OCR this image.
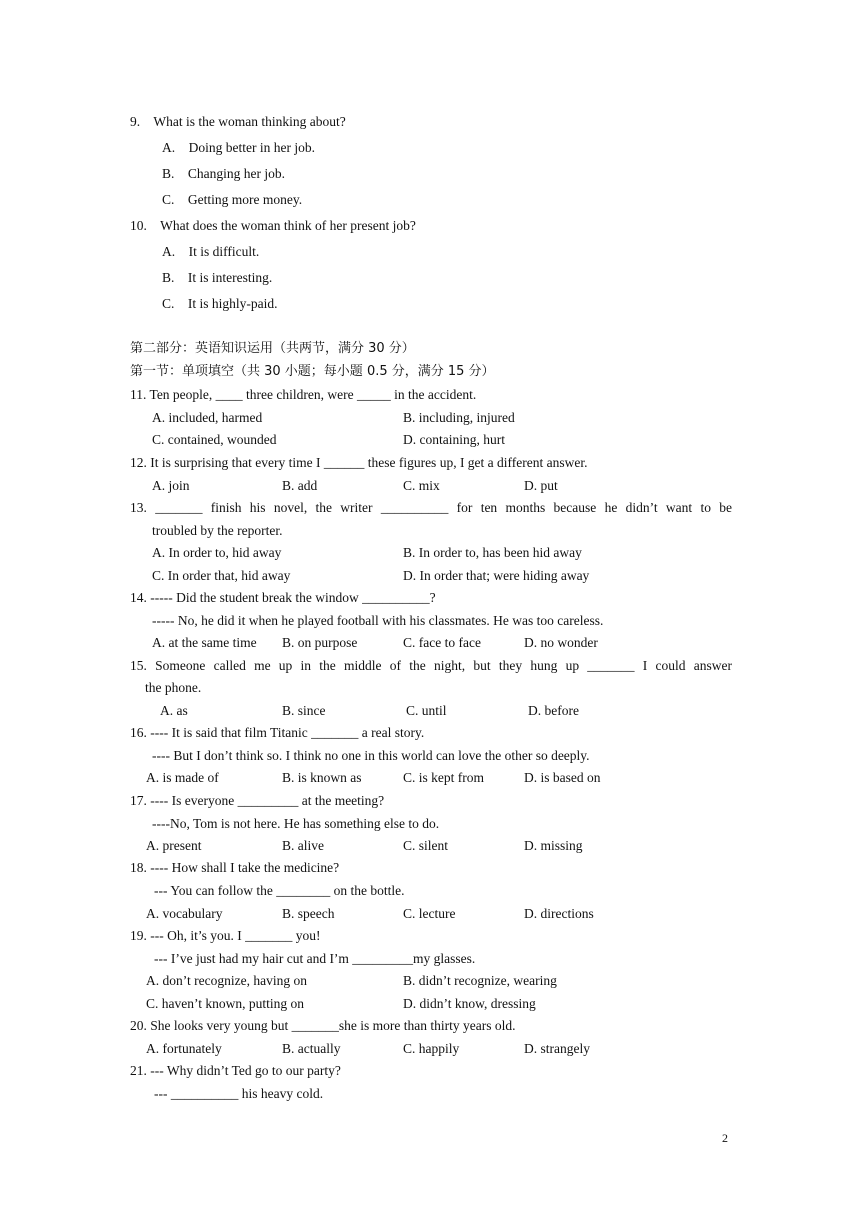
9. What is the woman thinking about?
A. Doing better in her job.
B. Changing her job.
C. Getting more money.
10. What does the woman think of her present job?
A. It is difficult.
B. It is interesting.
C. It is highly-paid.
第二部分：英语知识运用（共两节，满分 30 分）
第一节：单项填空（共 30 小题；每小题 0.5 分，满分 15 分）
11. Ten people, ____ three children, were _____ in the accident.
A. included, harmed	B. including, injured
C. contained, wounded	D. containing, hurt
12. It is surprising that every time I ______ these figures up, I get a different answer.
A. join	B. add	C. mix	D. put
13. _______ finish his novel, the writer __________ for ten months because he didn’t want to be
troubled by the reporter.
A. In order to, hid away	B. In order to, has been hid away
C. In order that, hid away	D. In order that; were hiding away
14. ----- Did the student break the window __________?
----- No, he did it when he played football with his classmates. He was too careless.
A. at the same time B. on purpose	C. face to face	D. no wonder
15. Someone called me up in the middle of the night, but they hung up _______ I could answer
the phone.
A. as	B. since	C. until	D. before
16. ---- It is said that film Titanic _______ a real story.
---- But I don’t think so. I think no one in this world can love the other so deeply.
A. is made of	B. is known as	C. is kept from	D. is based on
17. ---- Is everyone _________ at the meeting?
----No, Tom is not here. He has something else to do.
A. present	B. alive	C. silent	D. missing
18. ---- How shall I take the medicine?
--- You can follow the ________ on the bottle.
A. vocabulary	B. speech	C. lecture	D. directions
19. --- Oh, it’s you. I _______ you!
--- I’ve just had my hair cut and I’m _________my glasses.
A. don’t recognize, having on	B. didn’t recognize, wearing
C. haven’t known, putting on	D. didn’t know, dressing
20. She looks very young but _______she is more than thirty years old.
A. fortunately	B. actually	C. happily	D. strangely
21. --- Why didn’t Ted go to our party?
--- __________ his heavy cold.
2
